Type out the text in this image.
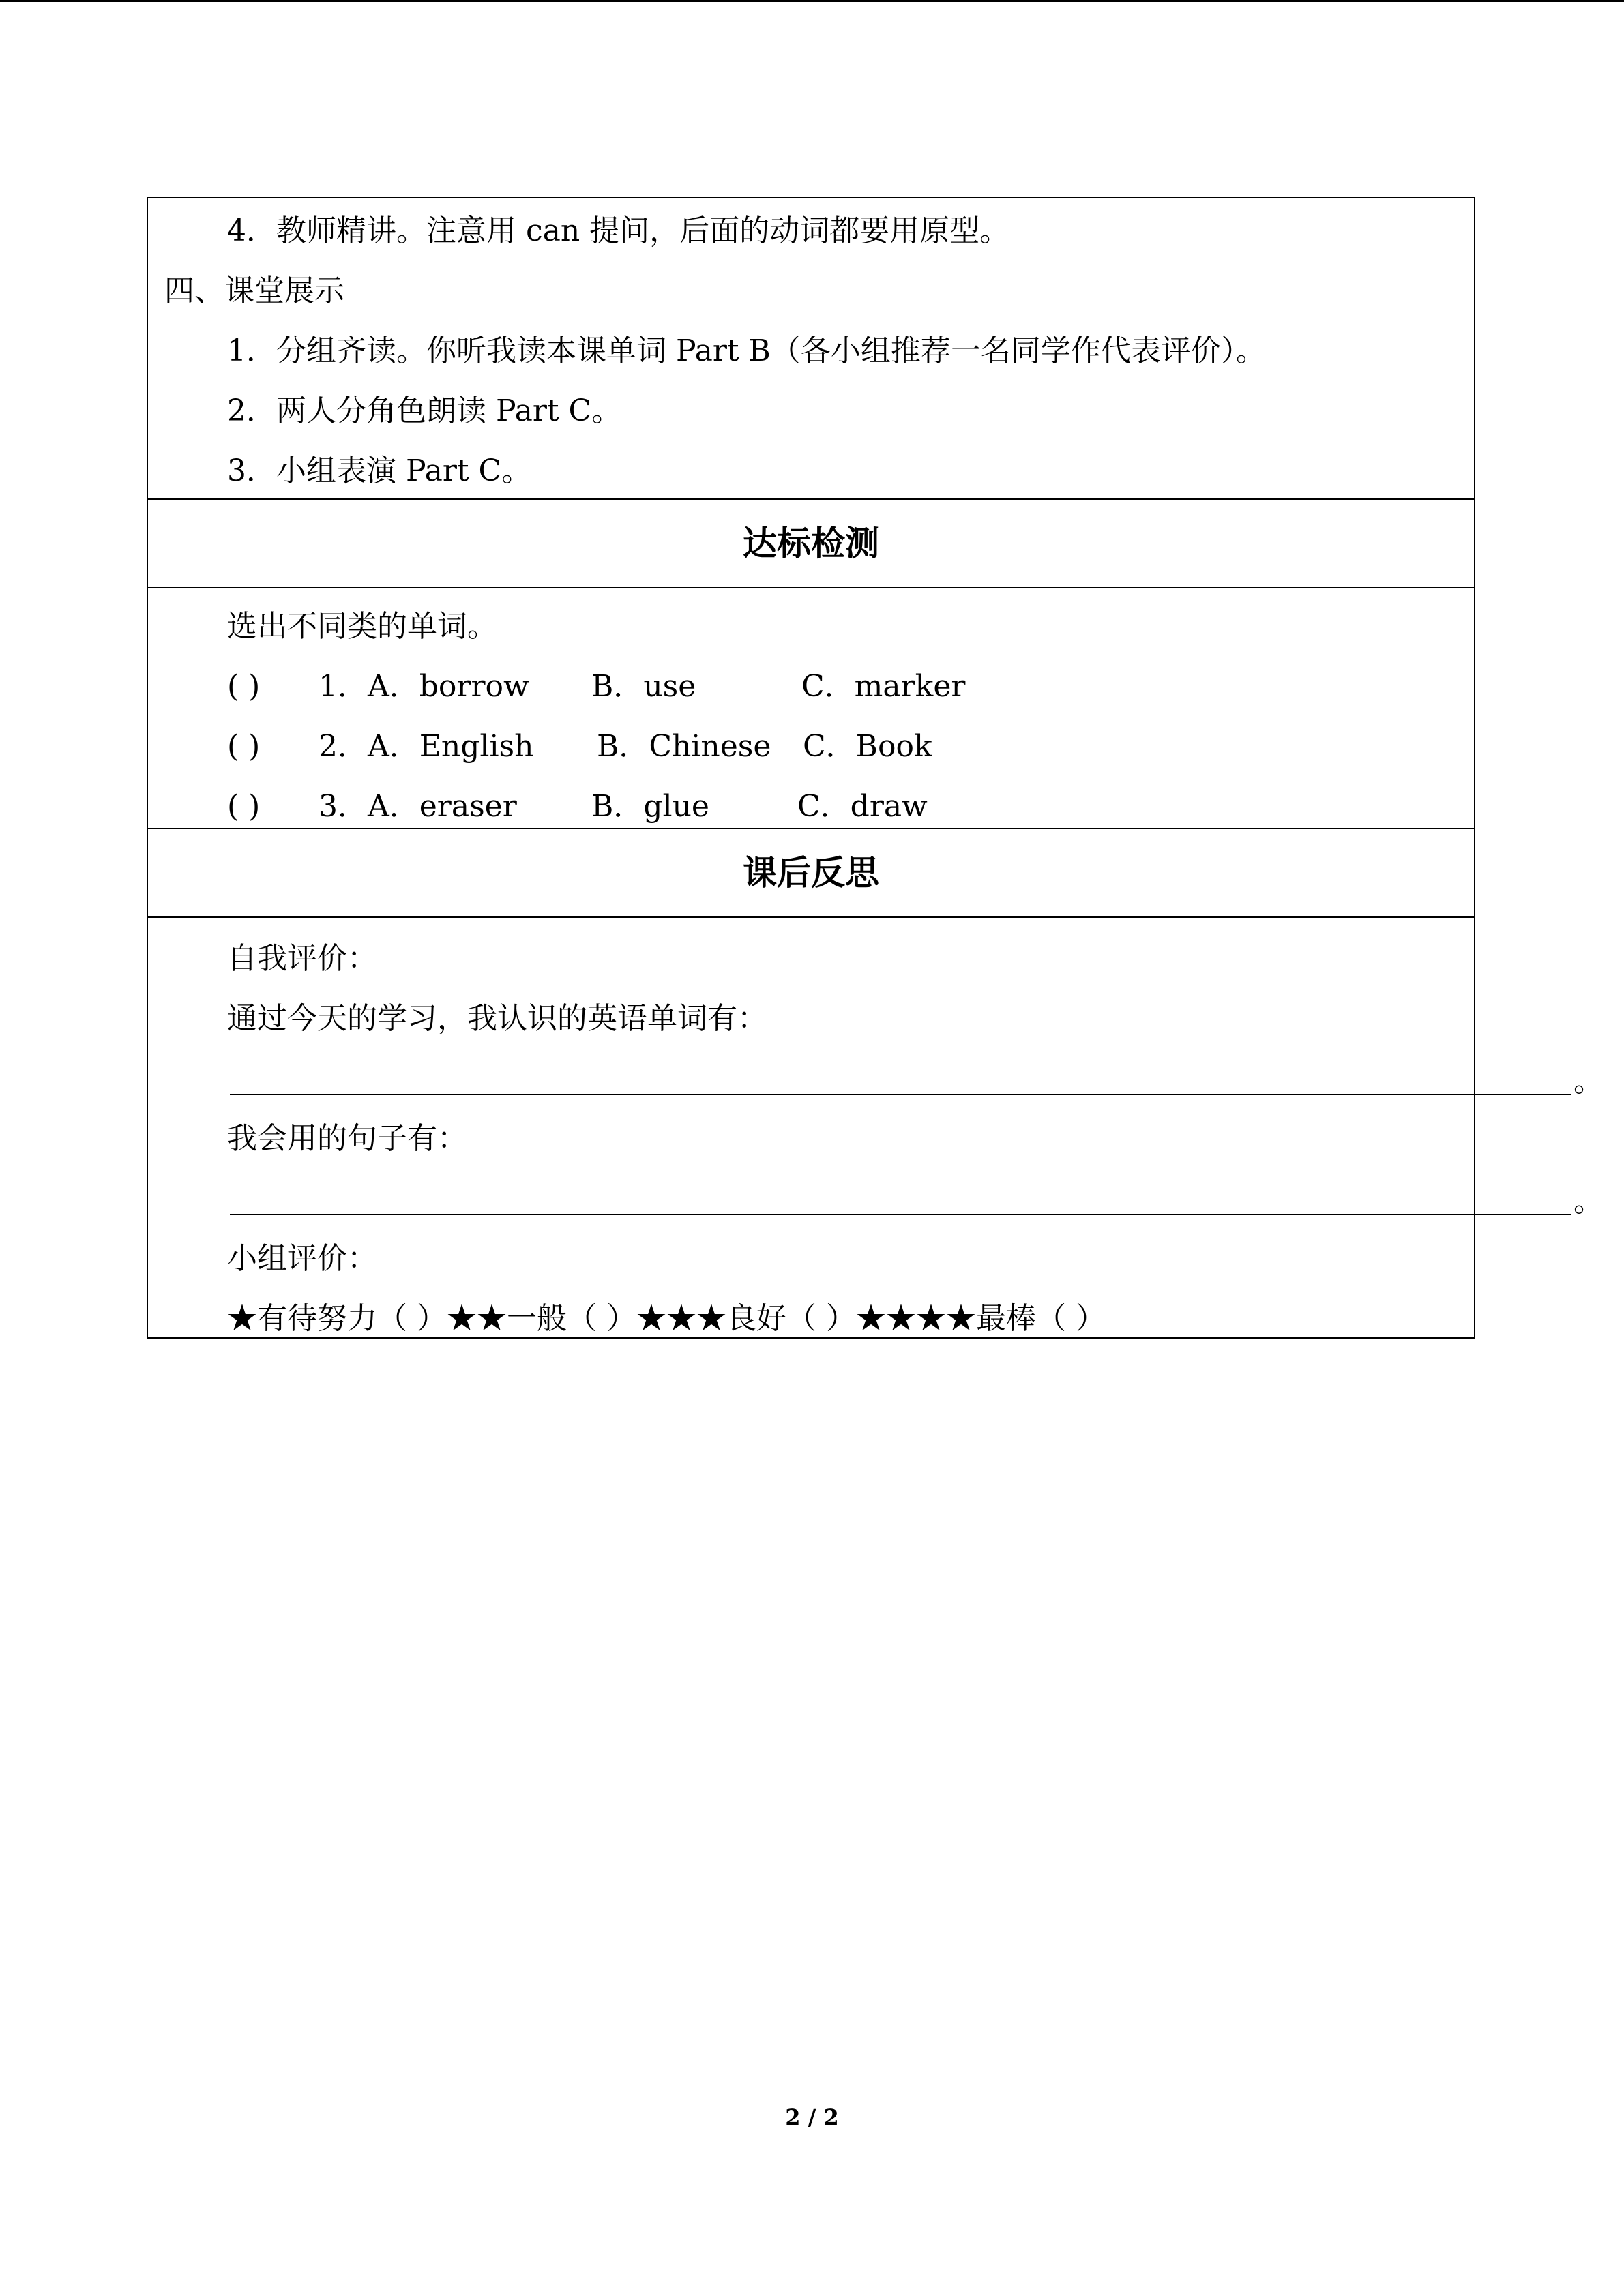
4．教师精讲。注意用 can 提问，后面的动词都要用原型。
四、课堂展示
1．分组齐读。你听我读本课单词 Part B（各小组推荐一名同学作代表评价）。
2．两人分角色朗读 Part C。
3．小组表演 Part C。
达标检测
选出不同类的单词。
( ) 1．A．borrow B．use	C．marker
( ) 2．A．English B．Chinese C．Book
( ) 3．A．eraser B．glue	C．draw
课后反思
自我评价：
通过今天的学习，我认识的英语单词有：
。
我会用的句子有：
。
小组评价：
★有待努力（ ）★★一般（ ）★★★良好（ ）★★★★最棒（ ）
2 / 2
